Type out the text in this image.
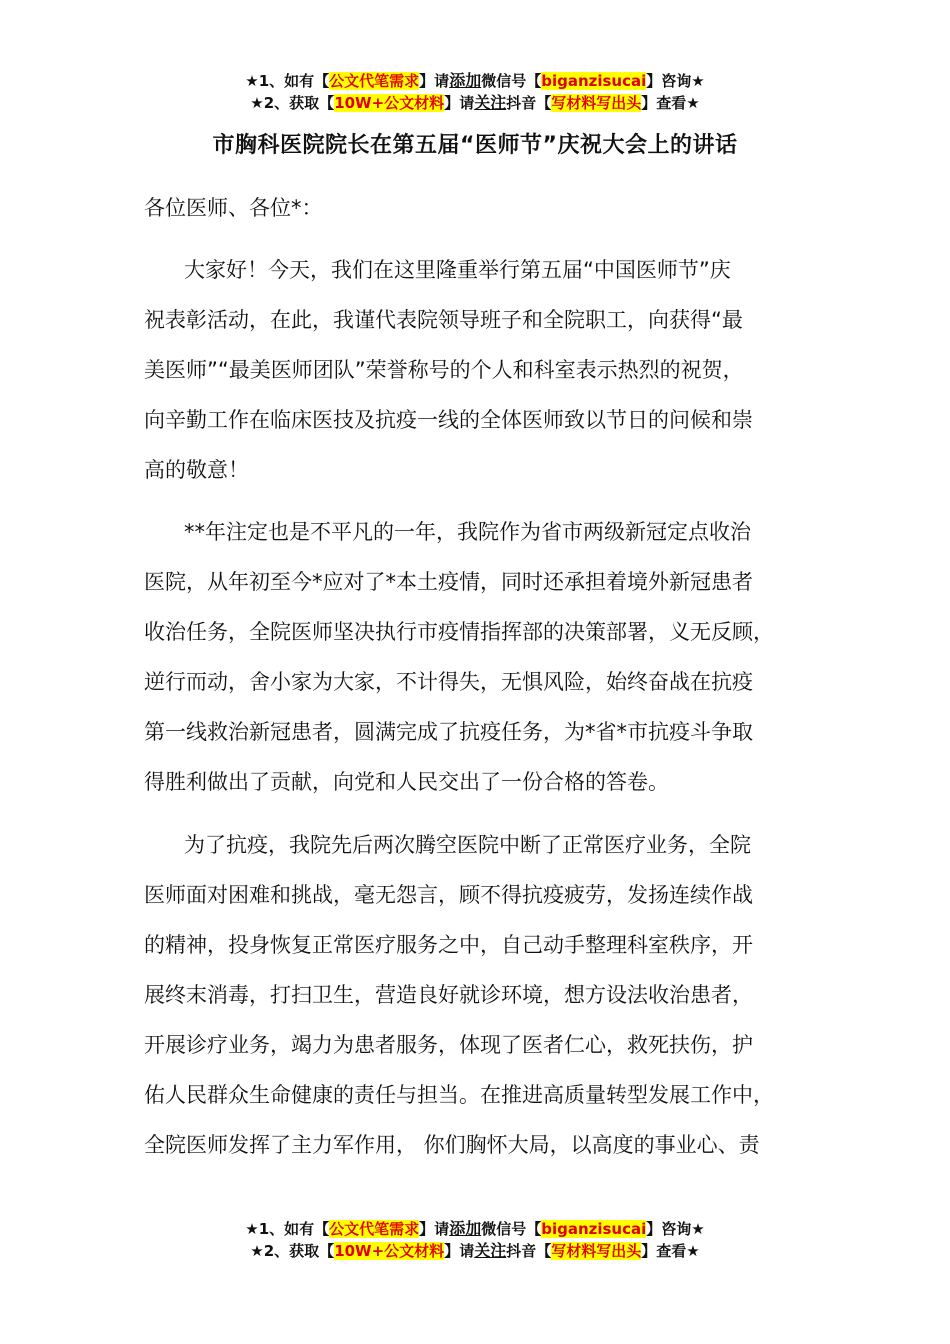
★1、如有【公文代笔需求】请添加微信号【biganzisucai】咨询★
★2、获取【10W+公文材料】请关注抖音【写材料写出头】查看★
市胸科医院院长在第五届“医师节”庆祝大会上的讲话
各位医师、各位*：
大家好！今天，我们在这里隆重举行第五届“中国医师节”庆
祝表彰活动，在此，我谨代表院领导班子和全院职工，向获得“最
美医师”“最美医师团队”荣誉称号的个人和科室表示热烈的祝贺，
向辛勤工作在临床医技及抗疫一线的全体医师致以节日的问候和崇
高的敬意！
**年注定也是不平凡的一年，我院作为省市两级新冠定点收治
医院，从年初至今*应对了*本土疫情，同时还承担着境外新冠患者
收治任务，全院医师坚决执行市疫情指挥部的决策部署，义无反顾，
逆行而动，舍小家为大家，不计得失，无惧风险，始终奋战在抗疫
第一线救治新冠患者，圆满完成了抗疫任务，为*省*市抗疫斗争取
得胜利做出了贡献，向党和人民交出了一份合格的答卷。
为了抗疫，我院先后两次腾空医院中断了正常医疗业务，全院
医师面对困难和挑战，毫无怨言，顾不得抗疫疲劳，发扬连续作战
的精神，投身恢复正常医疗服务之中，自己动手整理科室秩序，开
展终末消毒，打扫卫生，营造良好就诊环境，想方设法收治患者，
开展诊疗业务，竭力为患者服务，体现了医者仁心，救死扶伤，护
佑人民群众生命健康的责任与担当。在推进高质量转型发展工作中，
全院医师发挥了主力军作用， 你们胸怀大局，以高度的事业心、责
★1、如有【公文代笔需求】请添加微信号【biganzisucai】咨询★
★2、获取【10W+公文材料】请关注抖音【写材料写出头】查看★
